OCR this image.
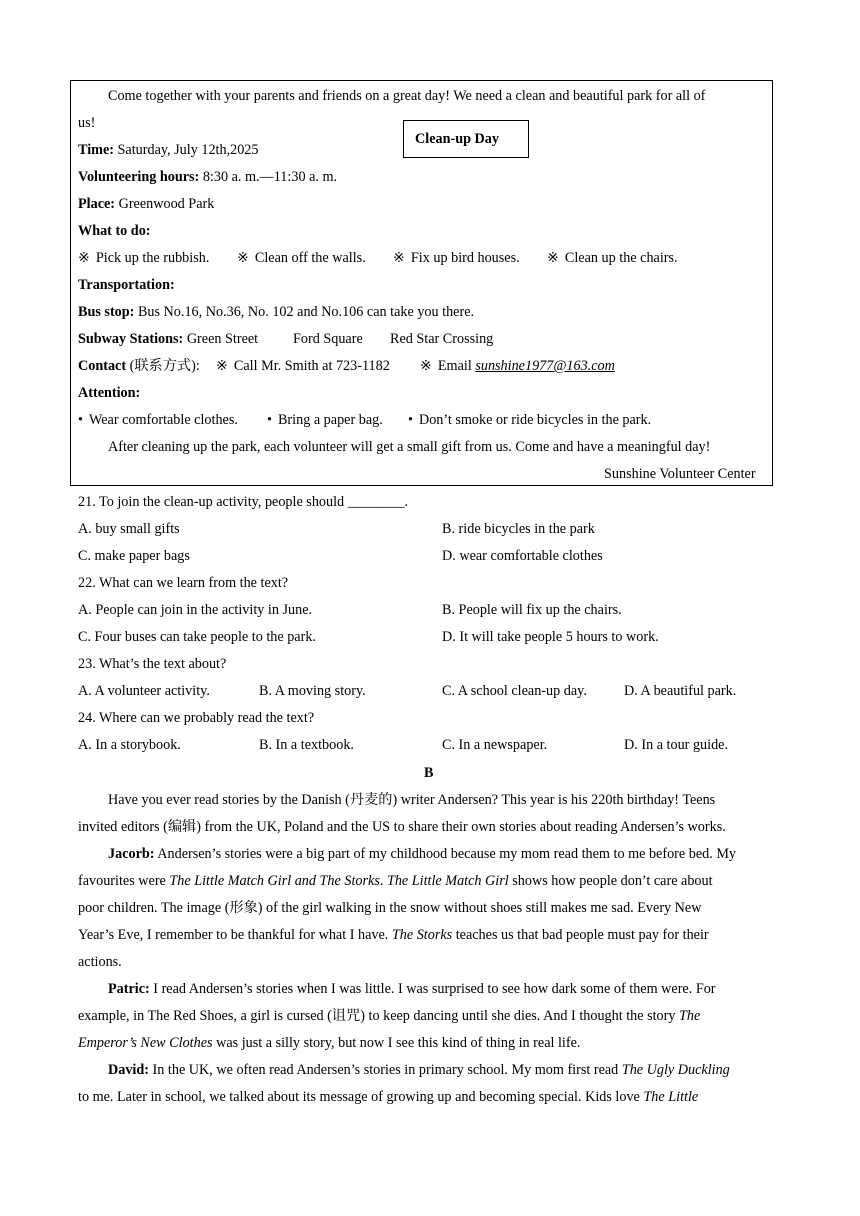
Clean-up Day
Come together with your parents and friends on a great day! We need a clean and beautiful park for all of
us!
Time: Saturday, July 12th,2025
Volunteering hours: 8:30 a. m.—11:30 a. m.
Place: Greenwood Park
What to do:
※ Pick up the rubbish. ※ Clean off the walls. ※ Fix up bird houses. ※ Clean up the chairs.
Transportation:
Bus stop: Bus No.16, No.36, No. 102 and No.106 can take you there.
Subway Stations: Green Street Ford Square Red Star Crossing
Contact (联系方式): ※ Call Mr. Smith at 723-1182 ※ Email sunshine1977@163.com
Attention:
• Wear comfortable clothes. • Bring a paper bag. • Don’t smoke or ride bicycles in the park.
After cleaning up the park, each volunteer will get a small gift from us. Come and have a meaningful day!
Sunshine Volunteer Center
21. To join the clean-up activity, people should ________.
A. buy small gifts	B. ride bicycles in the park
C. make paper bags	D. wear comfortable clothes
22. What can we learn from the text?
A. People can join in the activity in June.	B. People will fix up the chairs.
C. Four buses can take people to the park.	D. It will take people 5 hours to work.
23. What’s the text about?
A. A volunteer activity.	B. A moving story.	C. A school clean-up day.	D. A beautiful park.
24. Where can we probably read the text?
A. In a storybook.	B. In a textbook.	C. In a newspaper.	D. In a tour guide.
B
Have you ever read stories by the Danish (丹麦的) writer Andersen? This year is his 220th birthday! Teens
invited editors (编辑) from the UK, Poland and the US to share their own stories about reading Andersen’s works.
Jacorb: Andersen’s stories were a big part of my childhood because my mom read them to me before bed. My
favourites were The Little Match Girl and The Storks. The Little Match Girl shows how people don’t care about
poor children. The image (形象) of the girl walking in the snow without shoes still makes me sad. Every New
Year’s Eve, I remember to be thankful for what I have. The Storks teaches us that bad people must pay for their
actions.
Patric: I read Andersen’s stories when I was little. I was surprised to see how dark some of them were. For
example, in The Red Shoes, a girl is cursed (诅咒) to keep dancing until she dies. And I thought the story The
Emperor’s New Clothes was just a silly story, but now I see this kind of thing in real life.
David: In the UK, we often read Andersen’s stories in primary school. My mom first read The Ugly Duckling
to me. Later in school, we talked about its message of growing up and becoming special. Kids love The Little
